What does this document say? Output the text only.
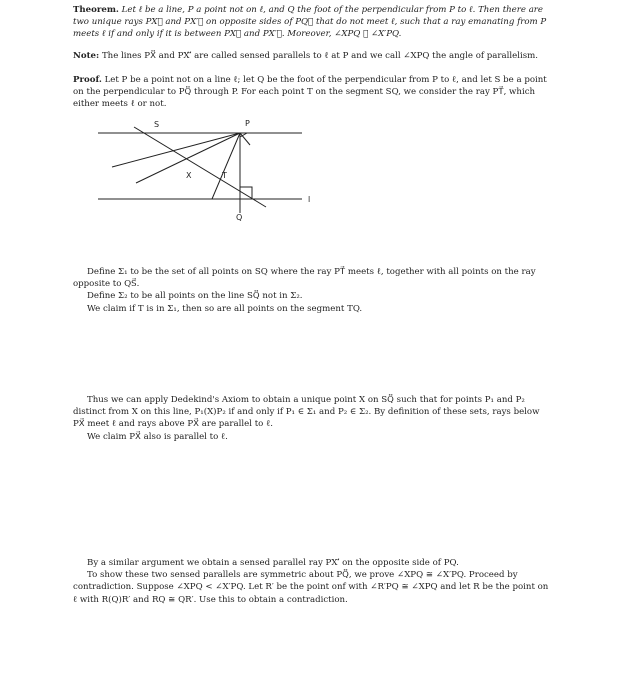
Theorem. Let ℓ be a line, P a point not on ℓ, and Q the foot of the perpendicular from P to ℓ. Then there are two unique rays PX⃗ and PX′⃗ on opposite sides of PQ⃡ that do not meet ℓ, such that a ray emanating from P meets ℓ if and only if it is between PX⃗ and PX′⃗. Moreover, ∠XPQ ≅ ∠X′PQ.
Note: The lines PX⃡ and PX′⃡ are called sensed parallels to ℓ at P and we call ∠XPQ the angle of parallelism.
Proof. Let P be a point not on a line ℓ; let Q be the foot of the perpendicular from P to ℓ, and let S be a point on the perpendicular to PQ⃡ through P. For each point T on the segment SQ, we consider the ray PT⃗, which either meets ℓ or not.
S	P
X	T
Q
l

Define Σ₁ to be the set of all points on SQ where the ray PT⃗ meets ℓ, together with all points on the ray opposite to QS⃗.

Define Σ₂ to be all points on the line SQ⃡ not in Σ₂.

We claim if T is in Σ₁, then so are all points on the segment TQ.

Thus we can apply Dedekind's Axiom to obtain a unique point X on SQ⃡ such that for points P₁ and P₂ distinct from X on this line, P₁(X)P₂ if and only if P₁ ∈ Σ₁ and P₂ ∈ Σ₂. By definition of these sets, rays below PX⃗ meet ℓ and rays above PX⃗ are parallel to ℓ.

We claim PX⃗ also is parallel to ℓ.

By a similar argument we obtain a sensed parallel ray PX′⃗ on the opposite side of PQ.

To show these two sensed parallels are symmetric about PQ⃡, we prove ∠XPQ ≅ ∠X′PQ. Proceed by contradiction. Suppose ∠XPQ < ∠X′PQ. Let R′ be the point onf with ∠R′PQ ≅ ∠XPQ and let R be the point on ℓ with R(Q)R′ and RQ ≅ QR′. Use this to obtain a contradiction.
